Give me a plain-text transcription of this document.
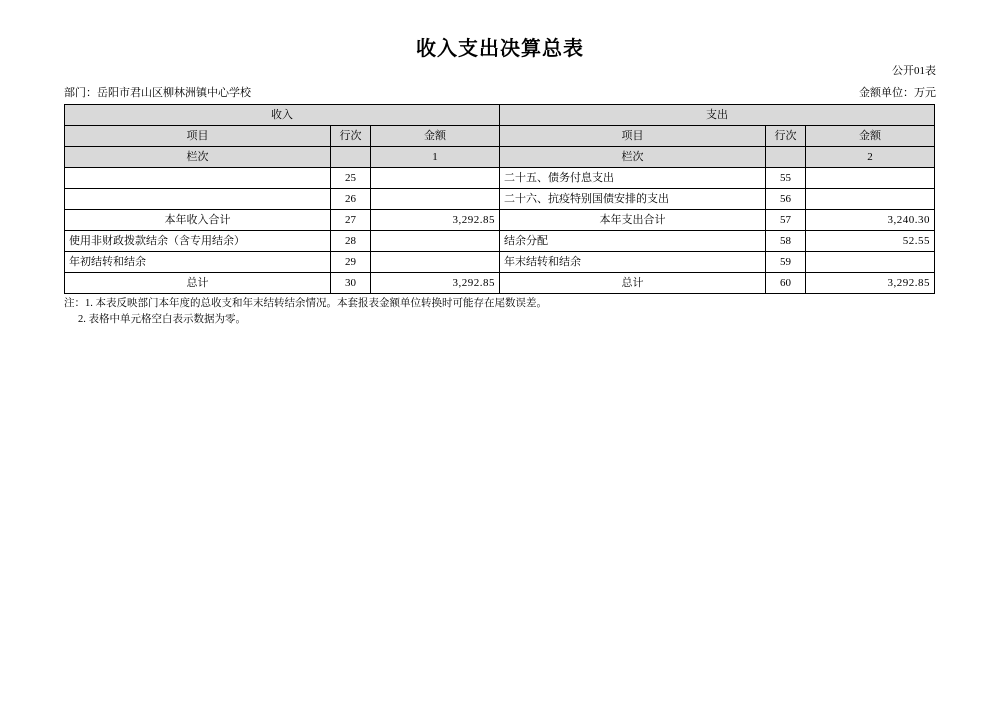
收入支出决算总表
公开01表
部门：岳阳市君山区柳林洲镇中心学校	金额单位：万元
收入			支出		
项目	行次	金额	项目	行次	金额
栏次		1	栏次		2
	25		二十五、债务付息支出	55	
	26		二十六、抗疫特别国债安排的支出	56	
本年收入合计	27	3,292.85	本年支出合计	57	3,240.30
使用非财政拨款结余（含专用结余）	28		结余分配	58	52.55
年初结转和结余	29		年末结转和结余	59	
总计	30	3,292.85	总计	60	3,292.85
注：1. 本表反映部门本年度的总收支和年末结转结余情况。本套报表金额单位转换时可能存在尾数误差。
2. 表格中单元格空白表示数据为零。
